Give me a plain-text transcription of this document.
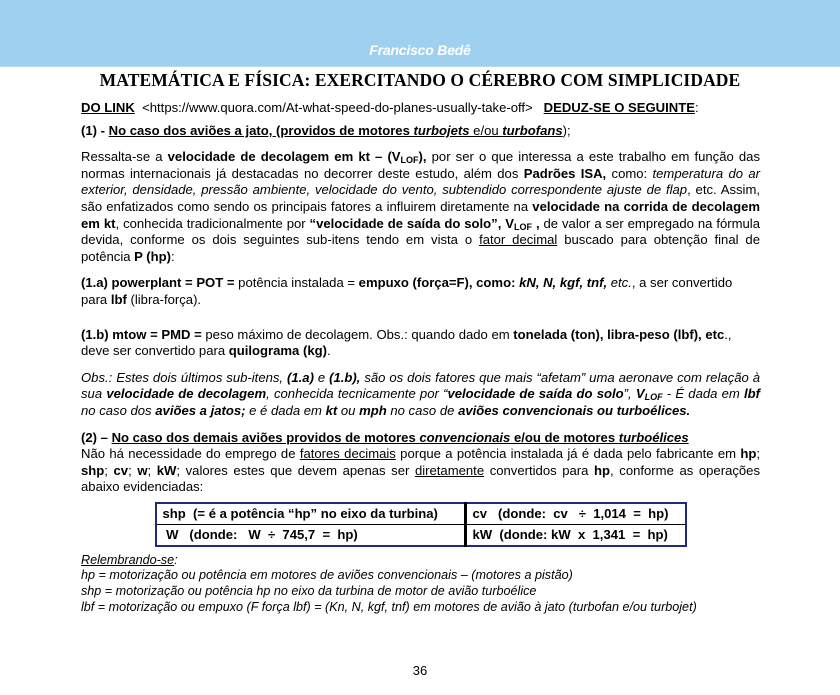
Francisco Bedê
MATEMÁTICA E FÍSICA: EXERCITANDO O CÉREBRO COM SIMPLICIDADE

DO LINK <https://www.quora.com/At-what-speed-do-planes-usually-take-off> DEDUZ-SE O SEGUINTE:

(1) - No caso dos aviões a jato, (providos de motores turbojets e/ou turbofans);

Ressalta-se a velocidade de decolagem em kt – $(V_{LOF})$, por ser o que interessa a este trabalho em função das normas internacionais já destacadas no decorrer deste estudo, além dos Padrões ISA, como: temperatura do ar exterior, densidade, pressão ambiente, velocidade do vento, subtendido correspondente ajuste de flap, etc. Assim, são enfatizados como sendo os principais fatores a influirem diretamente na velocidade na corrida de decolagem em kt, conhecida tradicionalmente por “velocidade de saída do solo”, $V_{LOF}$ , de valor a ser empregado na fórmula devida, conforme os dois seguintes sub-itens tendo em vista o fator decimal buscado para obtenção final de potência P (hp):

(1.a) powerplant = POT = potência instalada = empuxo (força=F), como: kN, N, kgf, tnf, etc., a ser convertido para lbf (libra-força).

(1.b) mtow = PMD = peso máximo de decolagem. Obs.: quando dado em tonelada (ton), libra-peso (lbf), etc., deve ser convertido para quilograma (kg).

Obs.: Estes dois últimos sub-itens, (1.a) e (1.b), são os dois fatores que mais “afetam” uma aeronave com relação à sua velocidade de decolagem, conhecida tecnicamente por “velocidade de saída do solo”, $V_{LOF}$ - É dada em lbf no caso dos aviões a jatos; e é dada em kt ou mph no caso de aviões convencionais ou turboélices.

(2) – No caso dos demais aviões providos de motores convencionais e/ou de motores turboélices

Não há necessidade do emprego de fatores decimais porque a potência instalada já é dada pelo fabricante em hp; shp; cv; w; kW; valores estes que devem apenas ser diretamente convertidos para hp, conforme as operações abaixo evidenciadas:

shp  (= é a potência “hp” no eixo da turbina)	cv   (donde:  cv   ÷  1,014  =  hp)
W   (donde:   W  ÷  745,7  =  hp)	kW  (donde: kW  x  1,341  =  hp)
Relembrando-se:
hp = motorização ou potência em motores de aviões convencionais – (motores a pistão)
shp = motorização ou potência hp no eixo da turbina de motor de avião turboélice
lbf = motorização ou empuxo (F força lbf) = (Kn, N, kgf, tnf) em motores de avião à jato (turbofan e/ou turbojet)
36
